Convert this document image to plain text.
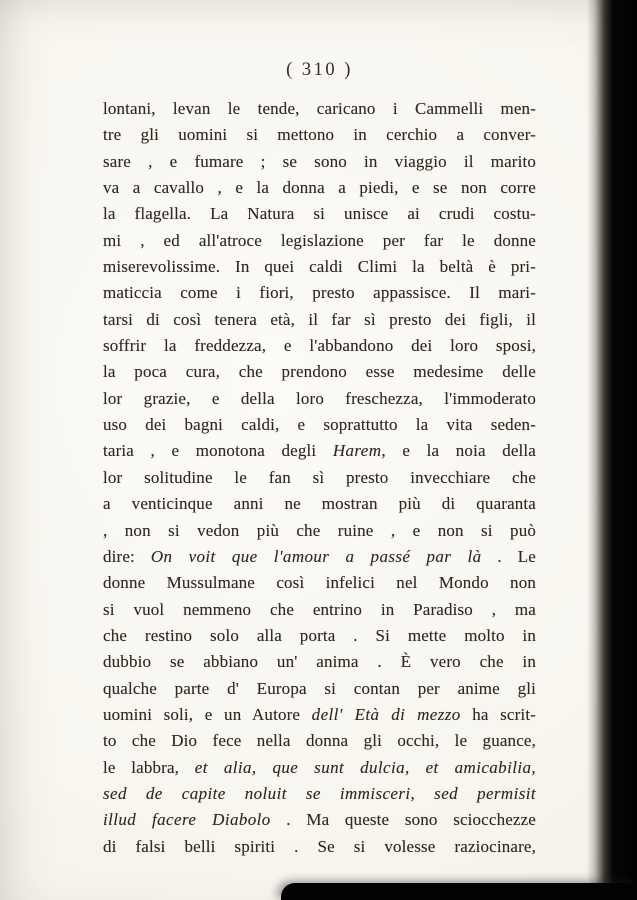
( 310 )
lontani, levan le tende, caricano i Cammelli men-
tre gli uomini si mettono in cerchio a conver-
sare , e fumare ; se sono in viaggio il marito
va a cavallo , e la donna a piedi, e se non corre
la flagella. La Natura si unisce ai crudi costu-
mi , ed all'atroce legislazione per far le donne
miserevolissime. In quei caldi Climi la beltà è pri-
maticcia come i fiori, presto appassisce. Il mari-
tarsi di così tenera età, il far sì presto dei figli, il
soffrir la freddezza, e l'abbandono dei loro sposi,
la poca cura, che prendono esse medesime delle
lor grazie, e della loro freschezza, l'immoderato
uso dei bagni caldi, e soprattutto la vita seden-
taria , e monotona degli Harem, e la noia della
lor solitudine le fan sì presto invecchiare che
a venticinque anni ne mostran più di quaranta
, non si vedon più che ruine , e non si può
dire: On voit que l'amour a passé par là . Le
donne Mussulmane così infelici nel Mondo non
si vuol nemmeno che entrino in Paradiso , ma
che restino solo alla porta . Si mette molto in
dubbio se abbiano un' anima . È vero che in
qualche parte d' Europa si contan per anime gli
uomini soli, e un Autore dell' Età di mezzo ha scrit-
to che Dio fece nella donna gli occhi, le guance,
le labbra, et alia, que sunt dulcia, et amicabilia,
sed de capite noluit se immisceri, sed permisit
illud facere Diabolo . Ma queste sono sciocchezze
di falsi belli spiriti . Se si volesse raziocinare,
